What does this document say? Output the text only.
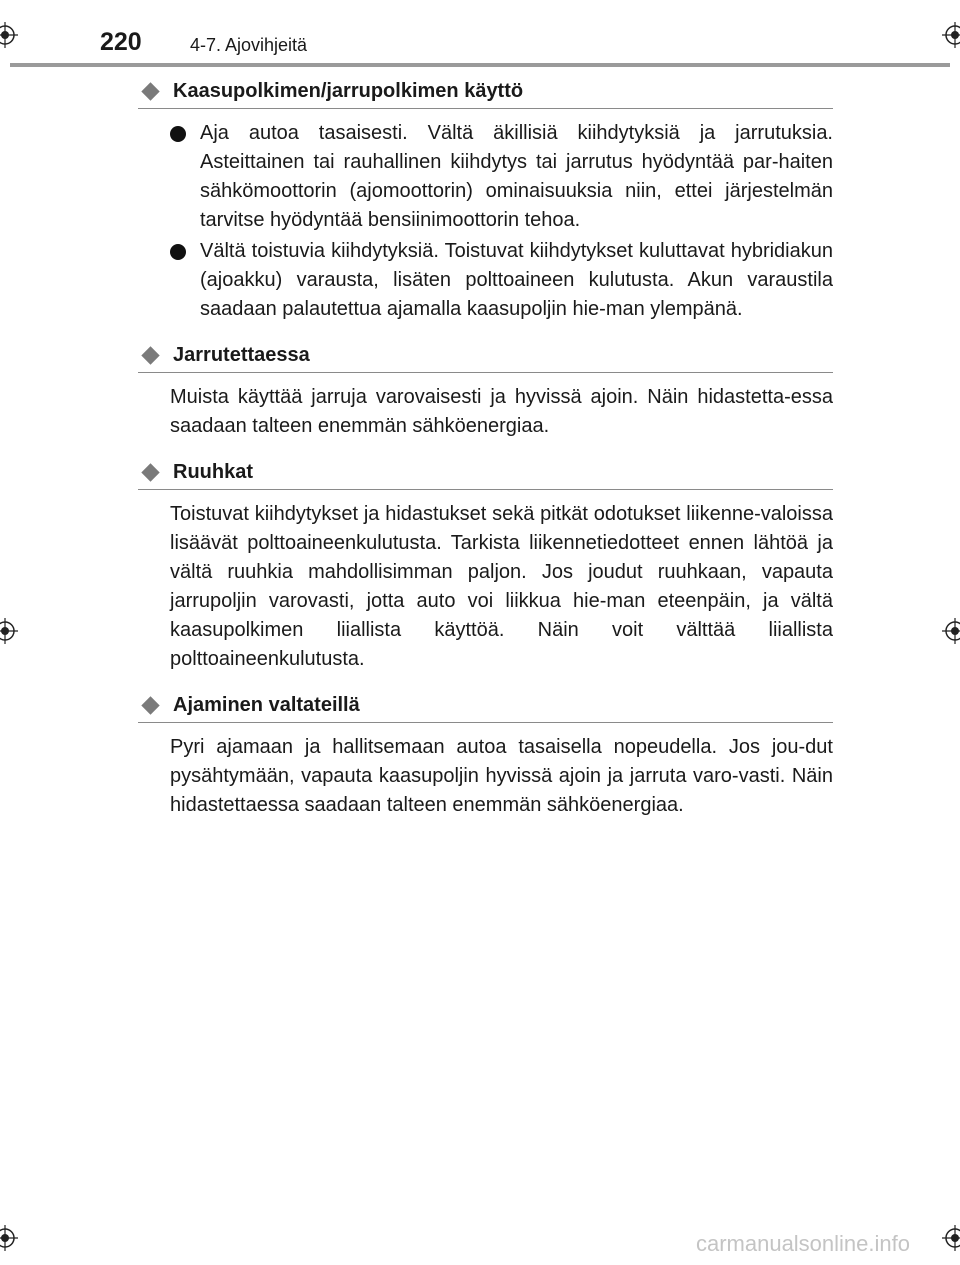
220	4-7. Ajovihjeitä
Kaasupolkimen/jarrupolkimen käyttö
Aja autoa tasaisesti. Vältä äkillisiä kiihdytyksiä ja jarrutuksia. Asteittainen tai rauhallinen kiihdytys tai jarrutus hyödyntää par-haiten sähkömoottorin (ajomoottorin) ominaisuuksia niin, ettei järjestelmän tarvitse hyödyntää bensiinimoottorin tehoa.
Vältä toistuvia kiihdytyksiä. Toistuvat kiihdytykset kuluttavat hybridiakun (ajoakku) varausta, lisäten polttoaineen kulutusta. Akun varaustila saadaan palautettua ajamalla kaasupoljin hie-man ylempänä.
Jarrutettaessa

Muista käyttää jarruja varovaisesti ja hyvissä ajoin. Näin hidastetta-essa saadaan talteen enemmän sähköenergiaa.

Ruuhkat

Toistuvat kiihdytykset ja hidastukset sekä pitkät odotukset liikenne-valoissa lisäävät polttoaineenkulutusta. Tarkista liikennetiedotteet ennen lähtöä ja vältä ruuhkia mahdollisimman paljon. Jos joudut ruuhkaan, vapauta jarrupoljin varovasti, jotta auto voi liikkua hie-man eteenpäin, ja vältä kaasupolkimen liiallista käyttöä. Näin voit välttää liiallista polttoaineenkulutusta.

Ajaminen valtateillä

Pyri ajamaan ja hallitsemaan autoa tasaisella nopeudella. Jos jou-dut pysähtymään, vapauta kaasupoljin hyvissä ajoin ja jarruta varo-vasti. Näin hidastettaessa saadaan talteen enemmän sähköenergiaa.

carmanualsonline.info
